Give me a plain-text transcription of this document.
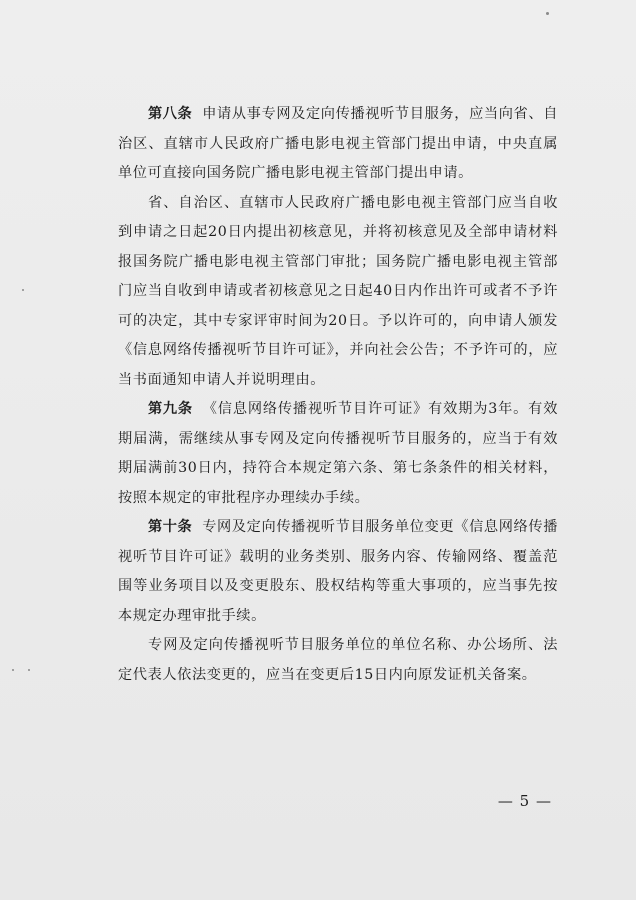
第八条 申请从事专网及定向传播视听节目服务，应当向省、自治区、直辖市人民政府广播电影电视主管部门提出申请，中央直属单位可直接向国务院广播电影电视主管部门提出申请。

省、自治区、直辖市人民政府广播电影电视主管部门应当自收到申请之日起20日内提出初核意见，并将初核意见及全部申请材料报国务院广播电影电视主管部门审批；国务院广播电影电视主管部门应当自收到申请或者初核意见之日起40日内作出许可或者不予许可的决定，其中专家评审时间为20日。予以许可的，向申请人颁发《信息网络传播视听节目许可证》，并向社会公告；不予许可的，应当书面通知申请人并说明理由。

第九条 《信息网络传播视听节目许可证》有效期为3年。有效期届满，需继续从事专网及定向传播视听节目服务的，应当于有效期届满前30日内，持符合本规定第六条、第七条条件的相关材料，按照本规定的审批程序办理续办手续。

第十条 专网及定向传播视听节目服务单位变更《信息网络传播视听节目许可证》载明的业务类别、服务内容、传输网络、覆盖范围等业务项目以及变更股东、股权结构等重大事项的，应当事先按本规定办理审批手续。

专网及定向传播视听节目服务单位的单位名称、办公场所、法定代表人依法变更的，应当在变更后15日内向原发证机关备案。

— 5 —
